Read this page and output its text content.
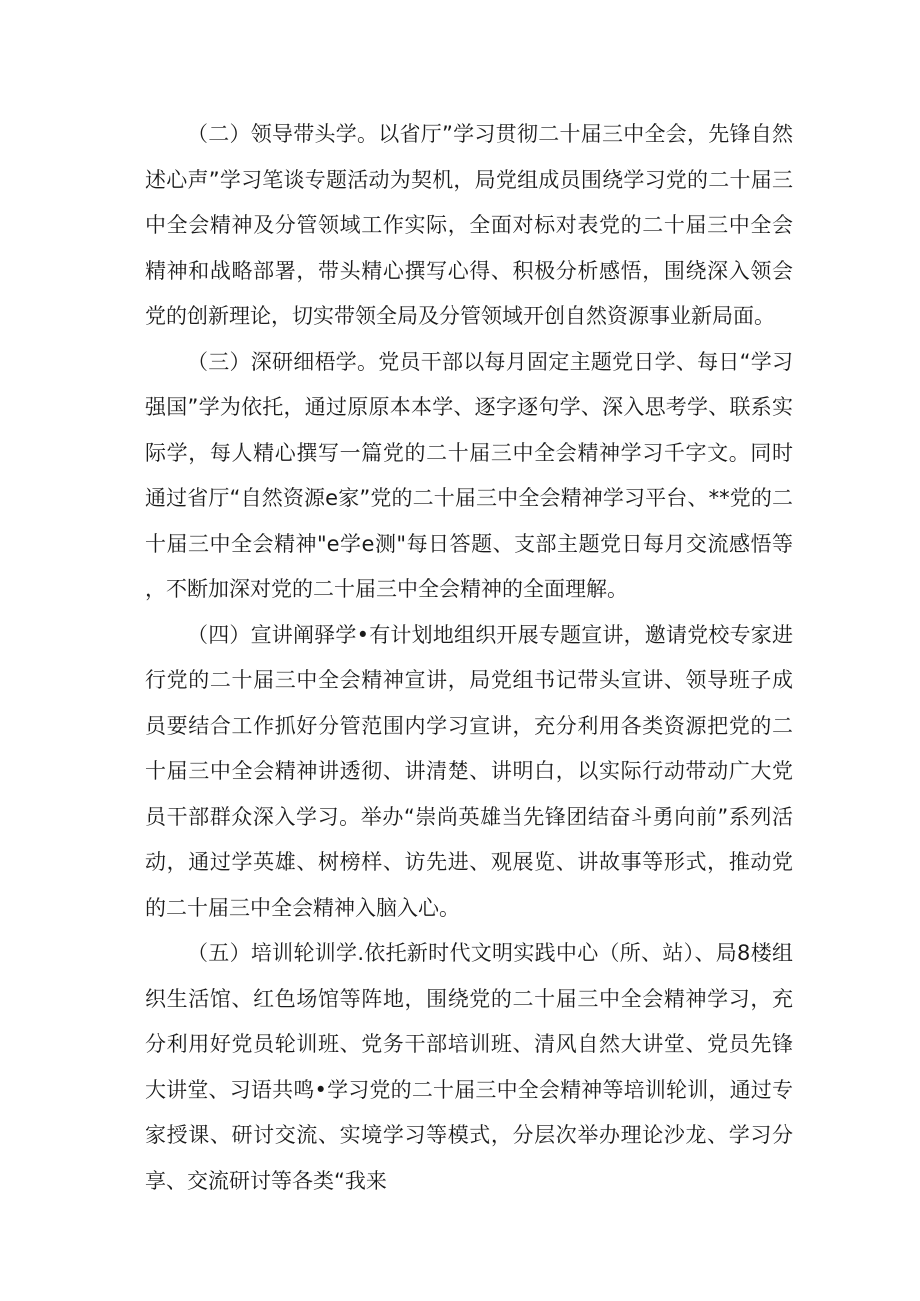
（二）领导带头学。以省厅”学习贯彻二十届三中全会，先锋自然述心声”学习笔谈专题活动为契机，局党组成员围绕学习党的二十届三中全会精神及分管领域工作实际，全面对标对表党的二十届三中全会精神和战略部署，带头精心撰写心得、积极分析感悟，围绕深入领会党的创新理论，切实带领全局及分管领域开创自然资源事业新局面。

（三）深研细梧学。党员干部以每月固定主题党日学、每日“学习强国”学为依托，通过原原本本学、逐字逐句学、深入思考学、联系实际学，每人精心撰写一篇党的二十届三中全会精神学习千字文。同时通过省厅“自然资源e家”党的二十届三中全会精神学习平台、**党的二十届三中全会精神"e学e测"每日答题、支部主题党日每月交流感悟等，不断加深对党的二十届三中全会精神的全面理解。

（四）宣讲阐驿学•有计划地组织开展专题宣讲，邀请党校专家进行党的二十届三中全会精神宣讲，局党组书记带头宣讲、领导班子成员要结合工作抓好分管范围内学习宣讲，充分利用各类资源把党的二十届三中全会精神讲透彻、讲清楚、讲明白，以实际行动带动广大党员干部群众深入学习。举办“崇尚英雄当先锋团结奋斗勇向前”系列活动，通过学英雄、树榜样、访先进、观展览、讲故事等形式，推动党的二十届三中全会精神入脑入心。

（五）培训轮训学.依托新时代文明实践中心（所、站）、局8楼组织生活馆、红色场馆等阵地，围绕党的二十届三中全会精神学习，充分利用好党员轮训班、党务干部培训班、清风自然大讲堂、党员先锋大讲堂、习语共鸣•学习党的二十届三中全会精神等培训轮训，通过专家授课、研讨交流、实境学习等模式，分层次举办理论沙龙、学习分享、交流研讨等各类“我来
